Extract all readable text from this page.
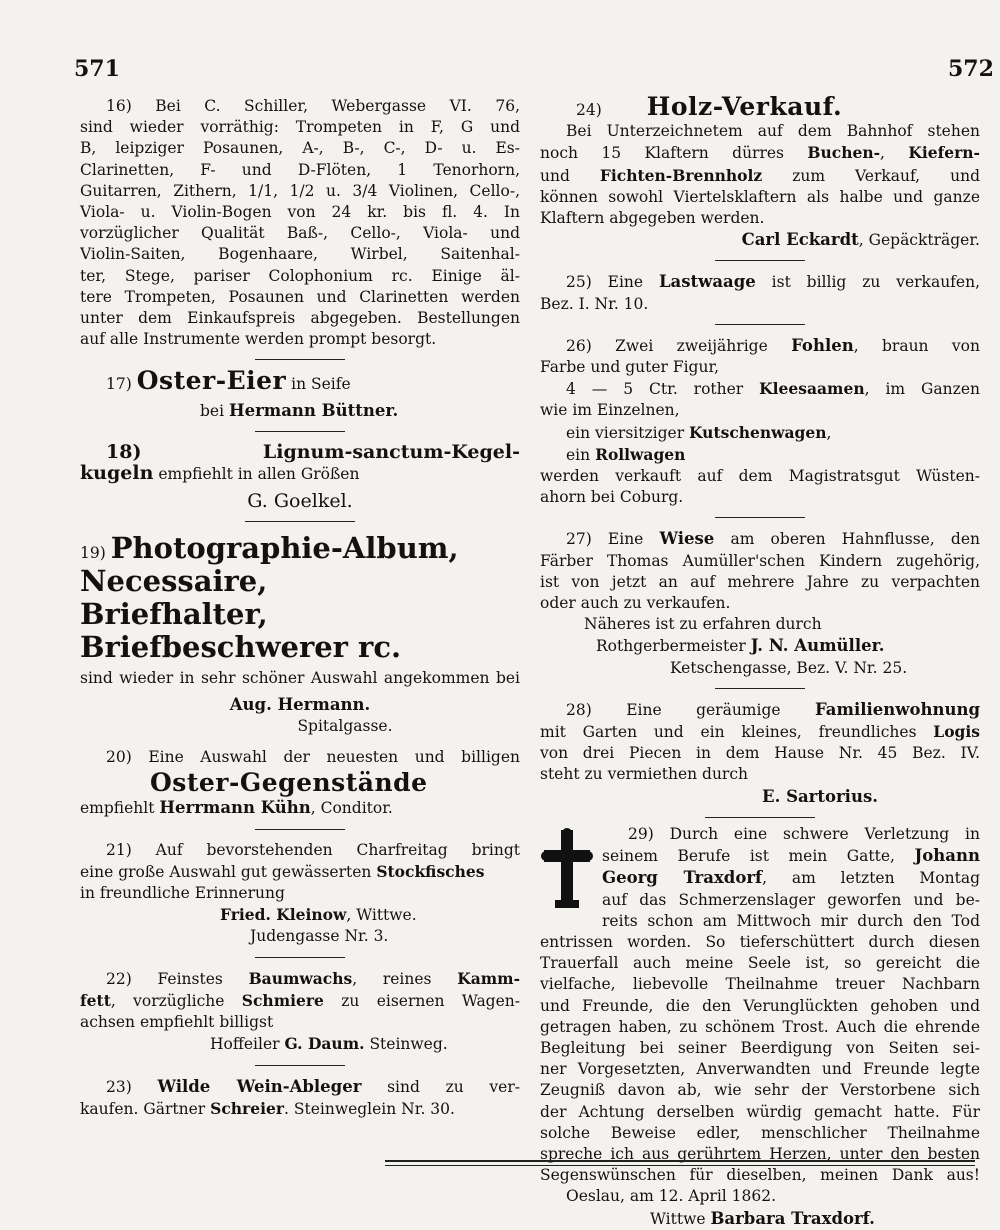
571	572
16) Bei C. Schiller, Webergasse VI. 76,
sind wieder vorräthig: Trompeten in F, G und
B, leipziger Posaunen, A-, B-, C-, D- u. Es-
Clarinetten, F- und D-Flöten, 1 Tenorhorn,
Guitarren, Zithern, 1/1, 1/2 u. 3/4 Violinen, Cello-,
Viola- u. Violin-Bogen von 24 kr. bis fl. 4. In
vorzüglicher Qualität Baß-, Cello-, Viola- und
Violin-Saiten, Bogenhaare, Wirbel, Saitenhal-
ter, Stege, pariser Colophonium rc. Einige äl-
tere Trompeten, Posaunen und Clarinetten werden
unter dem Einkaufspreis abgegeben. Bestellungen
auf alle Instrumente werden prompt besorgt.
17) Oster-Eier in Seife
bei Hermann Büttner.
18) Lignum-sanctum-Kegel-
kugeln empfiehlt in allen Größen
G. Goelkel.
19) Photographie-Album, Necessaire,
Briefhalter, Briefbeschwerer rc.
sind wieder in sehr schöner Auswahl angekommen bei
Aug. Hermann.
Spitalgasse.
20) Eine Auswahl der neuesten und billigen
Oster-Gegenstände
empfiehlt Herrmann Kühn, Conditor.
21) Auf bevorstehenden Charfreitag bringt
eine große Auswahl gut gewässerten Stockfisches
in freundliche Erinnerung
Fried. Kleinow, Wittwe.
Judengasse Nr. 3.
22) Feinstes Baumwachs, reines Kamm-
fett, vorzügliche Schmiere zu eisernen Wagen-
achsen empfiehlt billigst
Hoffeiler G. Daum. Steinweg.
23) Wilde Wein-Ableger sind zu ver-
kaufen. Gärtner Schreier. Steinweglein Nr. 30.
24) Holz-Verkauf.
Bei Unterzeichnetem auf dem Bahnhof stehen
noch 15 Klaftern dürres Buchen-, Kiefern-
und Fichten-Brennholz zum Verkauf, und
können sowohl Viertelsklaftern als halbe und ganze
Klaftern abgegeben werden.
Carl Eckardt, Gepäckträger.
25) Eine Lastwaage ist billig zu verkaufen,
Bez. I. Nr. 10.
26) Zwei zweijährige Fohlen, braun von
Farbe und guter Figur,
4 — 5 Ctr. rother Kleesaamen, im Ganzen
wie im Einzelnen,
ein viersitziger Kutschenwagen,
ein Rollwagen
werden verkauft auf dem Magistratsgut Wüsten-
ahorn bei Coburg.
27) Eine Wiese am oberen Hahnflusse, den
Färber Thomas Aumüller'schen Kindern zugehörig,
ist von jetzt an auf mehrere Jahre zu verpachten
oder auch zu verkaufen.
Näheres ist zu erfahren durch
Rothgerbermeister J. N. Aumüller.
Ketschengasse, Bez. V. Nr. 25.
28) Eine geräumige Familienwohnung
mit Garten und ein kleines, freundliches Logis
von drei Piecen in dem Hause Nr. 45 Bez. IV.
steht zu vermiethen durch
E. Sartorius.
29) Durch eine schwere Verletzung in
seinem Berufe ist mein Gatte, Johann
Georg Traxdorf, am letzten Montag
auf das Schmerzenslager geworfen und be-
reits schon am Mittwoch mir durch den Tod
entrissen worden. So tieferschüttert durch diesen
Trauerfall auch meine Seele ist, so gereicht die
vielfache, liebevolle Theilnahme treuer Nachbarn
und Freunde, die den Verunglückten gehoben und
getragen haben, zu schönem Trost. Auch die ehrende
Begleitung bei seiner Beerdigung von Seiten sei-
ner Vorgesetzten, Anverwandten und Freunde legte
Zeugniß davon ab, wie sehr der Verstorbene sich
der Achtung derselben würdig gemacht hatte. Für
solche Beweise edler, menschlicher Theilnahme
spreche ich aus gerührtem Herzen, unter den besten
Segenswünschen für dieselben, meinen Dank aus!
Oeslau, am 12. April 1862.
Wittwe Barbara Traxdorf.
